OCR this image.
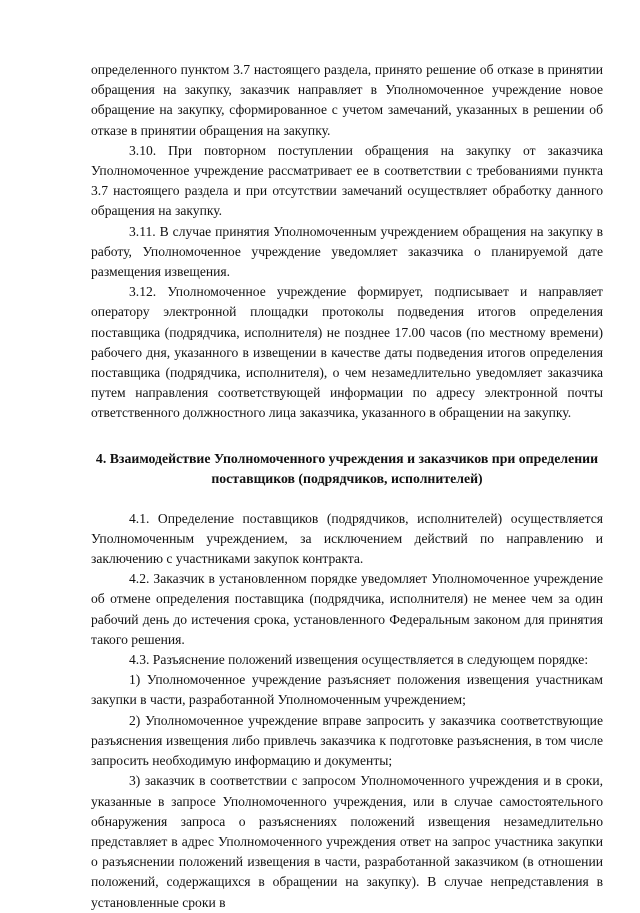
определенного пунктом 3.7 настоящего раздела, принято решение об отказе в принятии обращения на закупку, заказчик направляет в Уполномоченное учреждение новое обращение на закупку, сформированное с учетом замечаний, указанных в решении об отказе в принятии обращения на закупку.

3.10. При повторном поступлении обращения на закупку от заказчика Уполномоченное учреждение рассматривает ее в соответствии с требованиями пункта 3.7 настоящего раздела и при отсутствии замечаний осуществляет обработку данного обращения на закупку.

3.11. В случае принятия Уполномоченным учреждением обращения на закупку в работу, Уполномоченное учреждение уведомляет заказчика о планируемой дате размещения извещения.

3.12. Уполномоченное учреждение формирует, подписывает и направляет оператору электронной площадки протоколы подведения итогов определения поставщика (подрядчика, исполнителя) не позднее 17.00 часов (по местному времени) рабочего дня, указанного в извещении в качестве даты подведения итогов определения поставщика (подрядчика, исполнителя), о чем незамедлительно уведомляет заказчика путем направления соответствующей информации по адресу электронной почты ответственного должностного лица заказчика, указанного в обращении на закупку.

4. Взаимодействие Уполномоченного учреждения и заказчиков при определении поставщиков (подрядчиков, исполнителей)

4.1. Определение поставщиков (подрядчиков, исполнителей) осуществляется Уполномоченным учреждением, за исключением действий по направлению и заключению с участниками закупок контракта.

4.2. Заказчик в установленном порядке уведомляет Уполномоченное учреждение об отмене определения поставщика (подрядчика, исполнителя) не менее чем за один рабочий день до истечения срока, установленного Федеральным законом для принятия такого решения.

4.3. Разъяснение положений извещения осуществляется в следующем порядке:

1) Уполномоченное учреждение разъясняет положения извещения участникам закупки в части, разработанной Уполномоченным учреждением;

2) Уполномоченное учреждение вправе запросить у заказчика соответствующие разъяснения извещения либо привлечь заказчика к подготовке разъяснения, в том числе запросить необходимую информацию и документы;

3) заказчик в соответствии с запросом Уполномоченного учреждения и в сроки, указанные в запросе Уполномоченного учреждения, или в случае самостоятельного обнаружения запроса о разъяснениях положений извещения незамедлительно представляет в адрес Уполномоченного учреждения ответ на запрос участника закупки о разъяснении положений извещения в части, разработанной заказчиком (в отношении положений, содержащихся в обращении на закупку). В случае непредставления в установленные сроки в
